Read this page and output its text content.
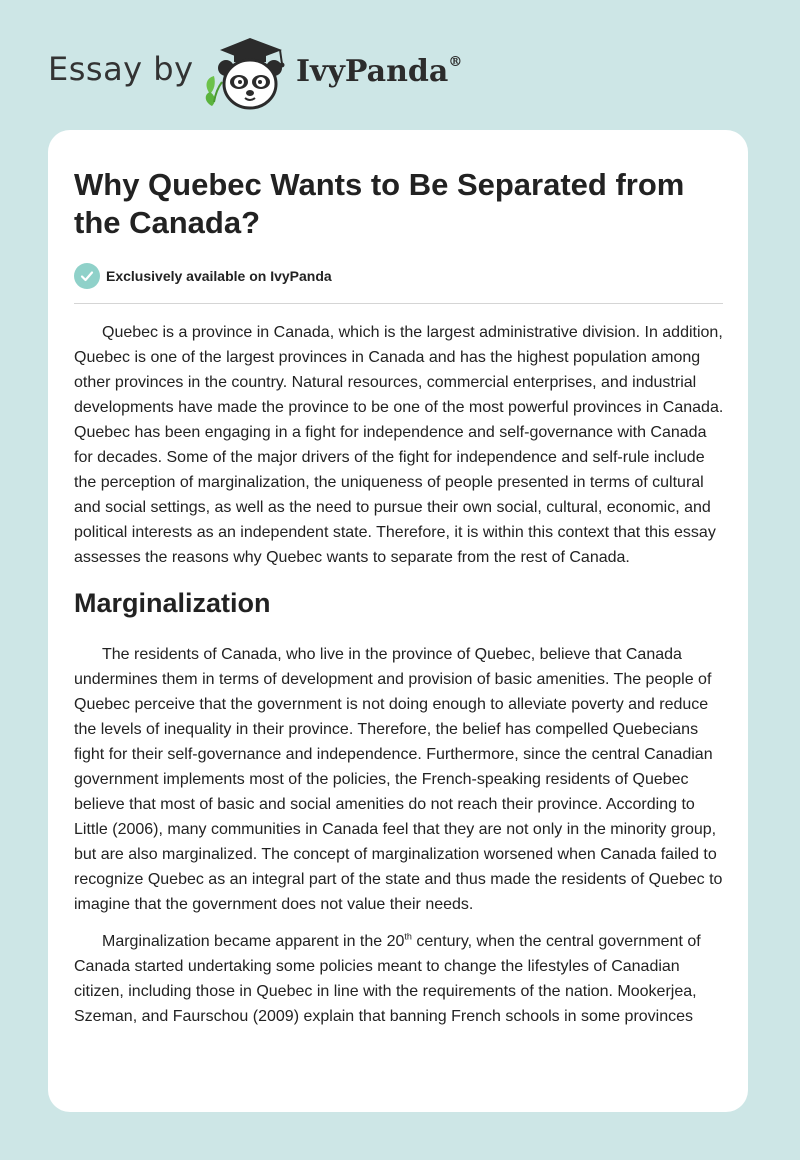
Essay by	IvyPanda®
Why Quebec Wants to Be Separated from the Canada?
Exclusively available on IvyPanda

Quebec is a province in Canada, which is the largest administrative division. In addition, Quebec is one of the largest provinces in Canada and has the highest population among other provinces in the country. Natural resources, commercial enterprises, and industrial developments have made the province to be one of the most powerful provinces in Canada. Quebec has been engaging in a fight for independence and self-governance with Canada for decades. Some of the major drivers of the fight for independence and self-rule include the perception of marginalization, the uniqueness of people presented in terms of cultural and social settings, as well as the need to pursue their own social, cultural, economic, and political interests as an independent state. Therefore, it is within this context that this essay assesses the reasons why Quebec wants to separate from the rest of Canada.

Marginalization

The residents of Canada, who live in the province of Quebec, believe that Canada undermines them in terms of development and provision of basic amenities. The people of Quebec perceive that the government is not doing enough to alleviate poverty and reduce the levels of inequality in their province. Therefore, the belief has compelled Quebecians fight for their self-governance and independence. Furthermore, since the central Canadian government implements most of the policies, the French-speaking residents of Quebec believe that most of basic and social amenities do not reach their province. According to Little (2006), many communities in Canada feel that they are not only in the minority group, but are also marginalized. The concept of marginalization worsened when Canada failed to recognize Quebec as an integral part of the state and thus made the residents of Quebec to imagine that the government does not value their needs.

Marginalization became apparent in the 20th century, when the central government of Canada started undertaking some policies meant to change the lifestyles of Canadian citizen, including those in Quebec in line with the requirements of the nation. Mookerjea, Szeman, and Faurschou (2009) explain that banning French schools in some provinces
